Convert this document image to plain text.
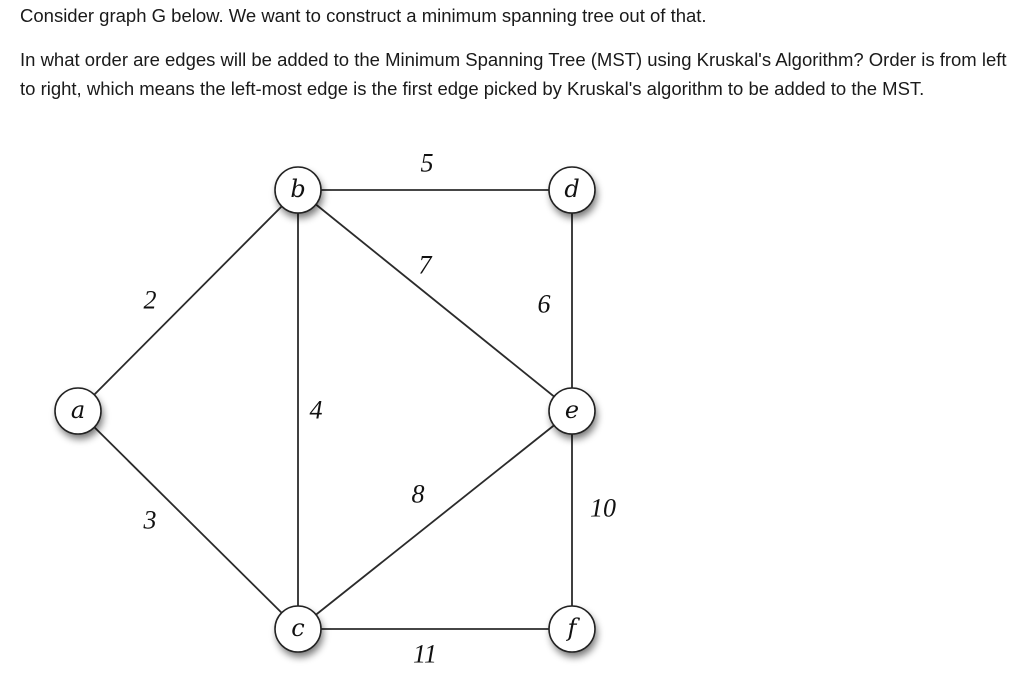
Consider graph G below. We want to construct a minimum spanning tree out of that.

In what order are edges will be added to the Minimum Spanning Tree (MST) using Kruskal's Algorithm? Order is from left to right, which means the left-most edge is the first edge picked by Kruskal's algorithm to be added to the MST.

2
3
4
5
6
7
8	10
11
a
b
c
d
e
f
